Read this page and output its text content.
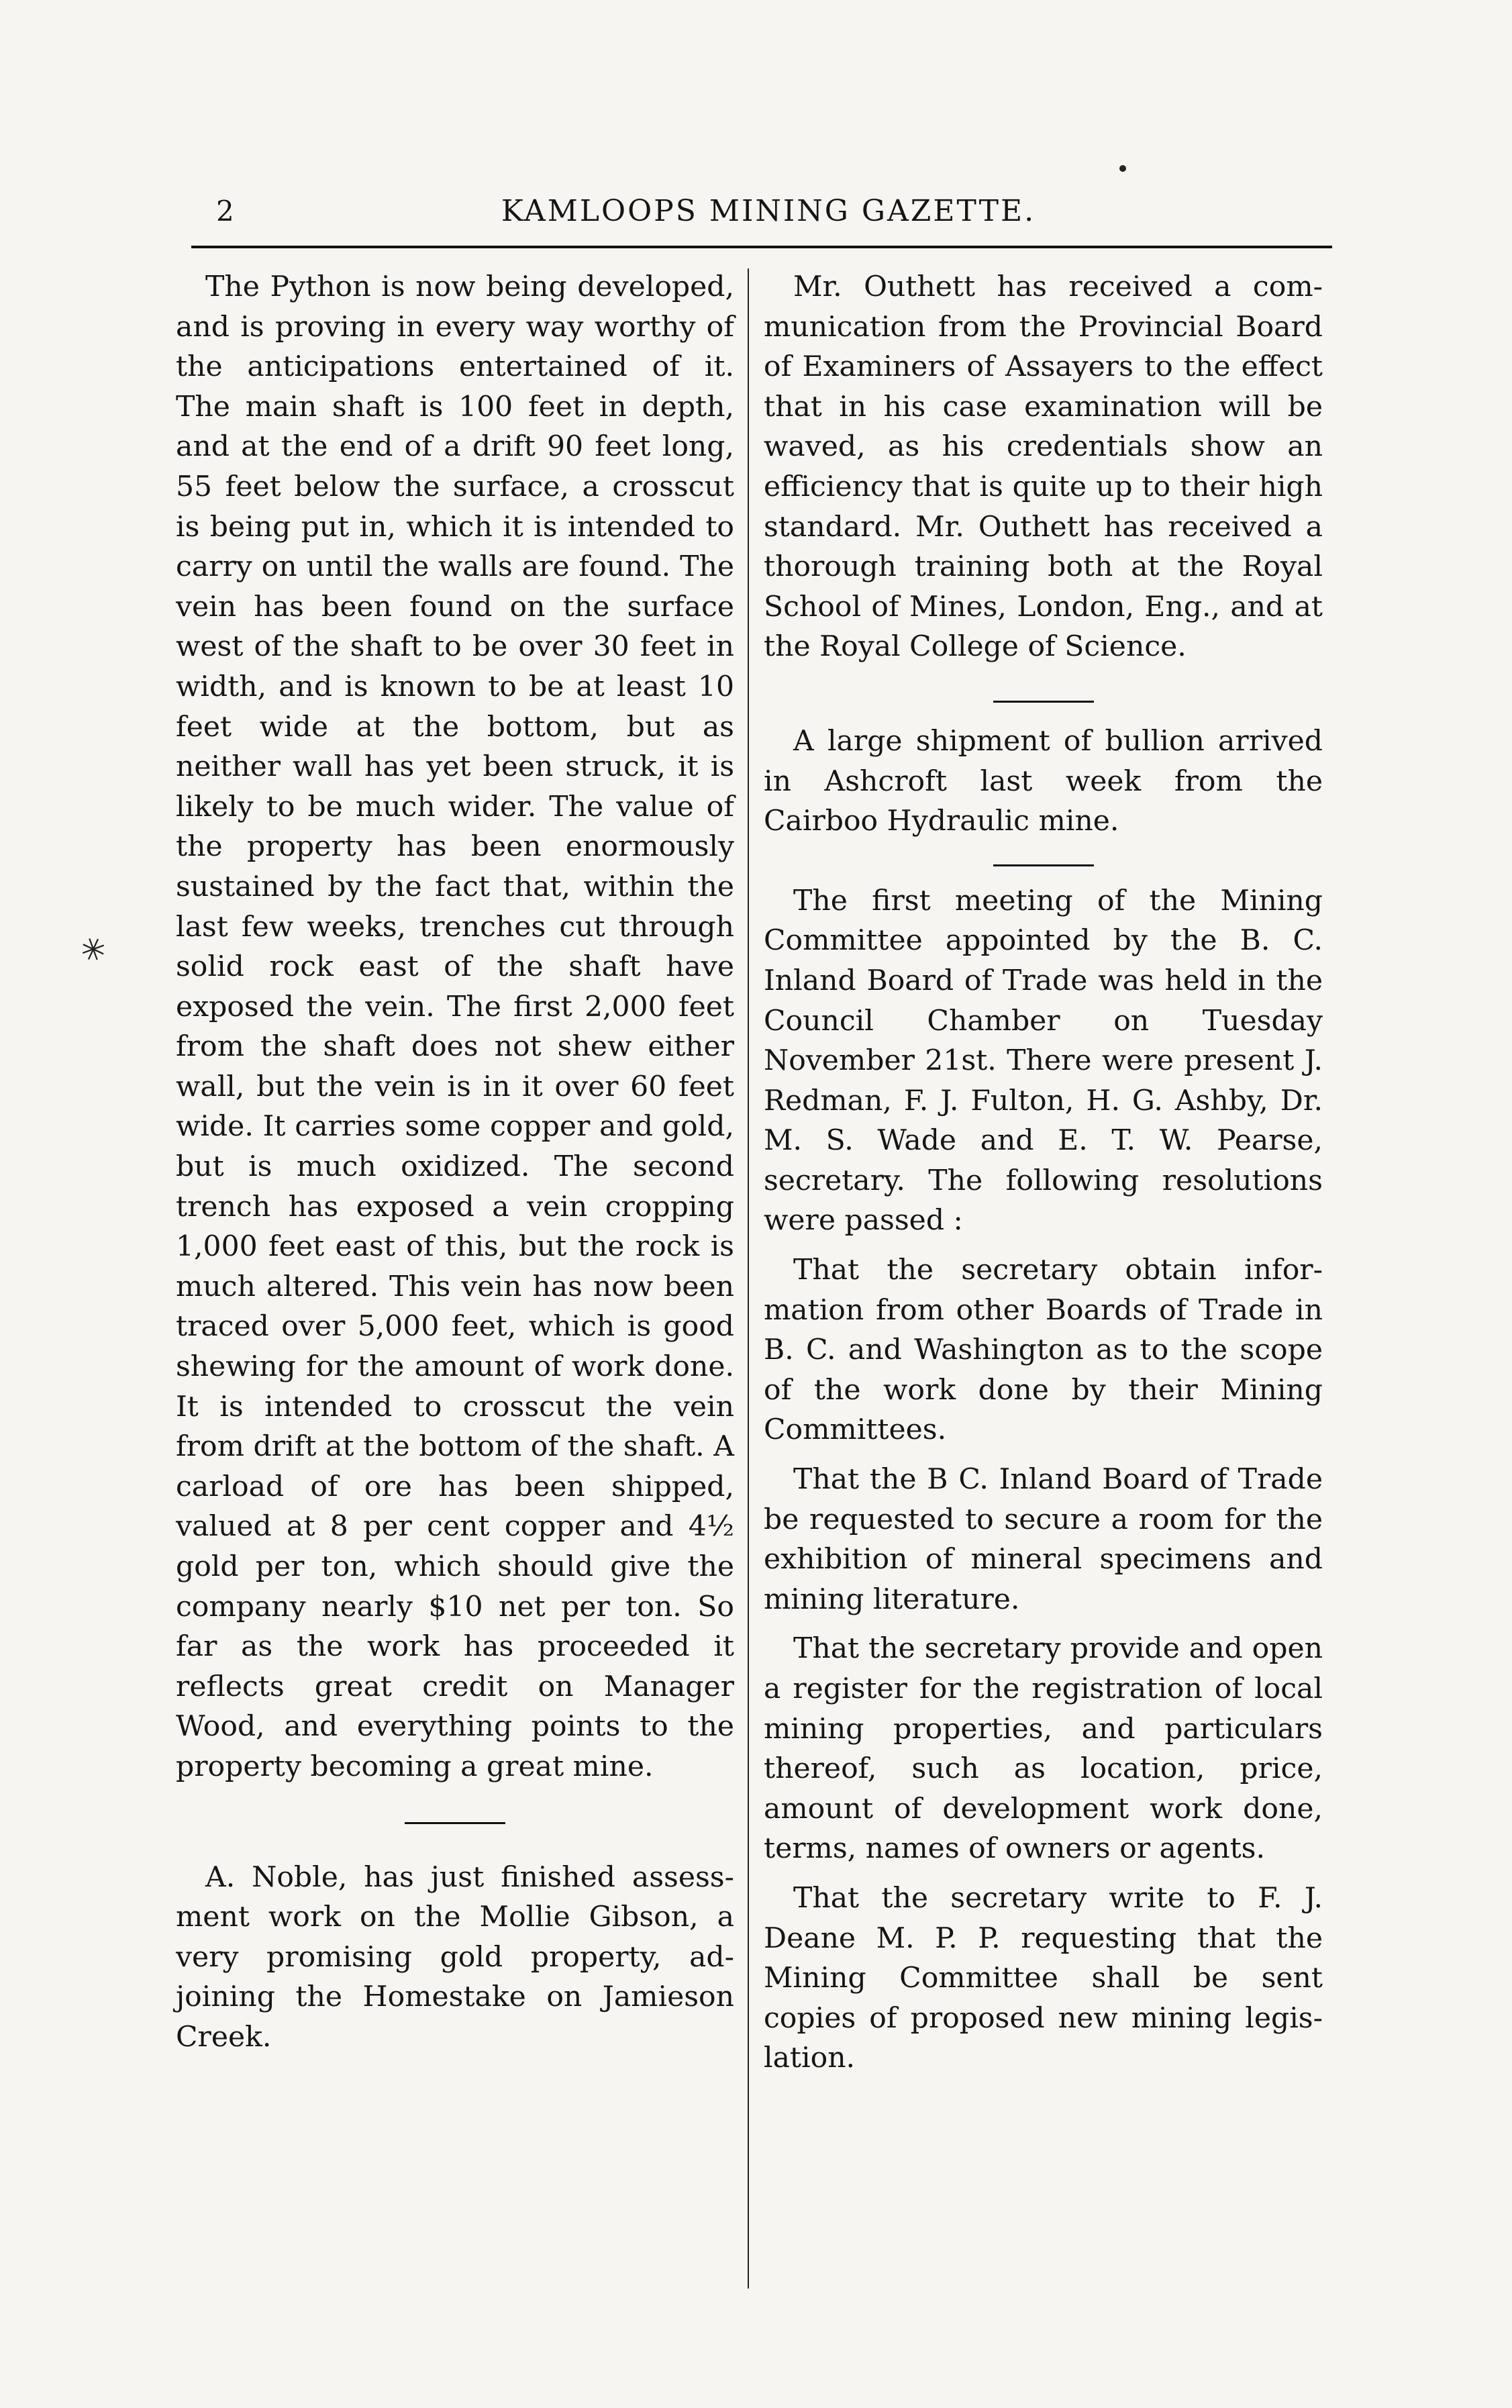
✳
2	KAMLOOPS MINING GAZETTE.

The Python is now being developed, and is proving in every way worthy of the anticipations entertained of it. The main shaft is 100 feet in depth, and at the end of a drift 90 feet long, 55 feet below the surface, a crosscut is being put in, which it is intended to carry on until the walls are found. The vein has been found on the surface west of the shaft to be over 30 feet in width, and is known to be at least 10 feet wide at the bottom, but as neither wall has yet been struck, it is likely to be much wider. The value of the property has been enormously sustained by the fact that, within the last few weeks, trenches cut through solid rock east of the shaft have exposed the vein. The first 2,000 feet from the shaft does not shew either wall, but the vein is in it over 60 feet wide. It carries some copper and gold, but is much oxidized. The second trench has exposed a vein cropping 1,000 feet east of this, but the rock is much altered. This vein has now been traced over 5,000 feet, which is good shewing for the amount of work done. It is intended to crosscut the vein from drift at the bottom of the shaft. A carload of ore has been shipped, valued at 8 per cent copper and 4½ gold per ton, which should give the company nearly $10 net per ton. So far as the work has proceeded it reflects great credit on Manager Wood, and everything points to the property becoming a great mine.

A. Noble, has just finished assessment work on the Mollie Gibson, a very promising gold property, adjoining the Homestake on Jamieson Creek.

Mr. Outhett has received a communication from the Provincial Board of Examiners of Assayers to the effect that in his case examination will be waved, as his credentials show an efficiency that is quite up to their high standard. Mr. Outhett has received a thorough training both at the Royal School of Mines, London, Eng., and at the Royal College of Science.

A large shipment of bullion arrived in Ashcroft last week from the Cairboo Hydraulic mine.

The first meeting of the Mining Committee appointed by the B. C. Inland Board of Trade was held in the Council Chamber on Tuesday November 21st. There were present J. Redman, F. J. Fulton, H. G. Ashby, Dr. M. S. Wade and E. T. W. Pearse, secretary. The following resolutions were passed :

That the secretary obtain information from other Boards of Trade in B. C. and Washington as to the scope of the work done by their Mining Committees.

That the B C. Inland Board of Trade be requested to secure a room for the exhibition of mineral specimens and mining literature.

That the secretary provide and open a register for the registration of local mining properties, and particulars thereof, such as location, price, amount of development work done, terms, names of owners or agents.

That the secretary write to F. J. Deane M. P. P. requesting that the Mining Committee shall be sent copies of proposed new mining legislation.
